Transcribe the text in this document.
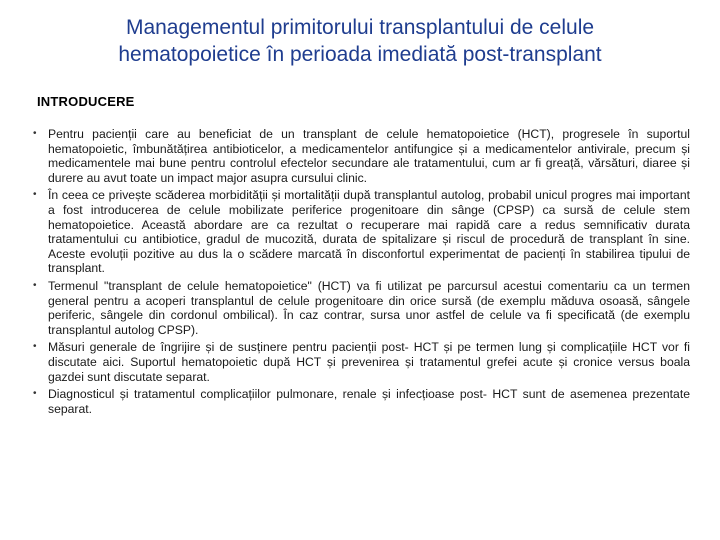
Managementul primitorului transplantului de celule
hematopoietice în perioada imediată post-transplant
INTRODUCERE
• Pentru pacienții care au beneficiat de un transplant de celule hematopoietice (HCT), progresele în suportul hematopoietic, îmbunătățirea antibioticelor, a medicamentelor antifungice și a medicamentelor antivirale, precum și medicamentele mai bune pentru controlul efectelor secundare ale tratamentului, cum ar fi greață, vărsături, diaree și durere au avut toate un impact major asupra cursului clinic.
• În ceea ce privește scăderea morbidității și mortalității după transplantul autolog, probabil unicul progres mai important a fost introducerea de celule mobilizate periferice progenitoare din sânge (CPSP) ca sursă de celule stem hematopoietice. Această abordare are ca rezultat o recuperare mai rapidă care a redus semnificativ durata tratamentului cu antibiotice, gradul de mucozită, durata de spitalizare și riscul de procedură de transplant în sine. Aceste evoluții pozitive au dus la o scădere marcată în disconfortul experimentat de pacienți în stabilirea tipului de transplant.
• Termenul "transplant de celule hematopoietice" (HCT) va fi utilizat pe parcursul acestui comentariu ca un termen general pentru a acoperi transplantul de celule progenitoare din orice sursă (de exemplu măduva osoasă, sângele periferic, sângele din cordonul ombilical). În caz contrar, sursa unor astfel de celule va fi specificată (de exemplu transplantul autolog CPSP).
• Măsuri generale de îngrijire și de susținere pentru pacienții post- HCT și pe termen lung și complicațiile HCT vor fi discutate aici. Suportul hematopoietic după HCT și prevenirea și tratamentul grefei acute și cronice versus boala gazdei sunt discutate separat.
• Diagnosticul și tratamentul complicațiilor pulmonare, renale și infecțioase post- HCT sunt de asemenea prezentate separat.
